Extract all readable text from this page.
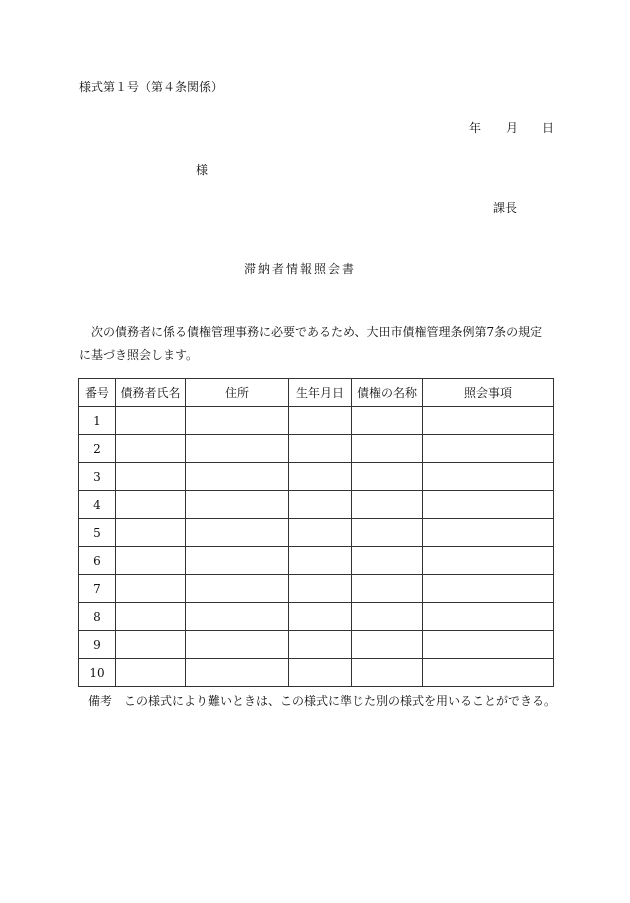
様式第１号（第４条関係）
年 月 日
様
課長
滞納者情報照会書
次の債務者に係る債権管理事務に必要であるため、大田市債権管理条例第7条の規定に基づき照会します。
番号	債務者氏名	住所	生年月日	債権の名称	照会事項
1					
2					
3					
4					
5					
6					
7					
8					
9					
10					
備考　この様式により難いときは、この様式に準じた別の様式を用いることができる。
